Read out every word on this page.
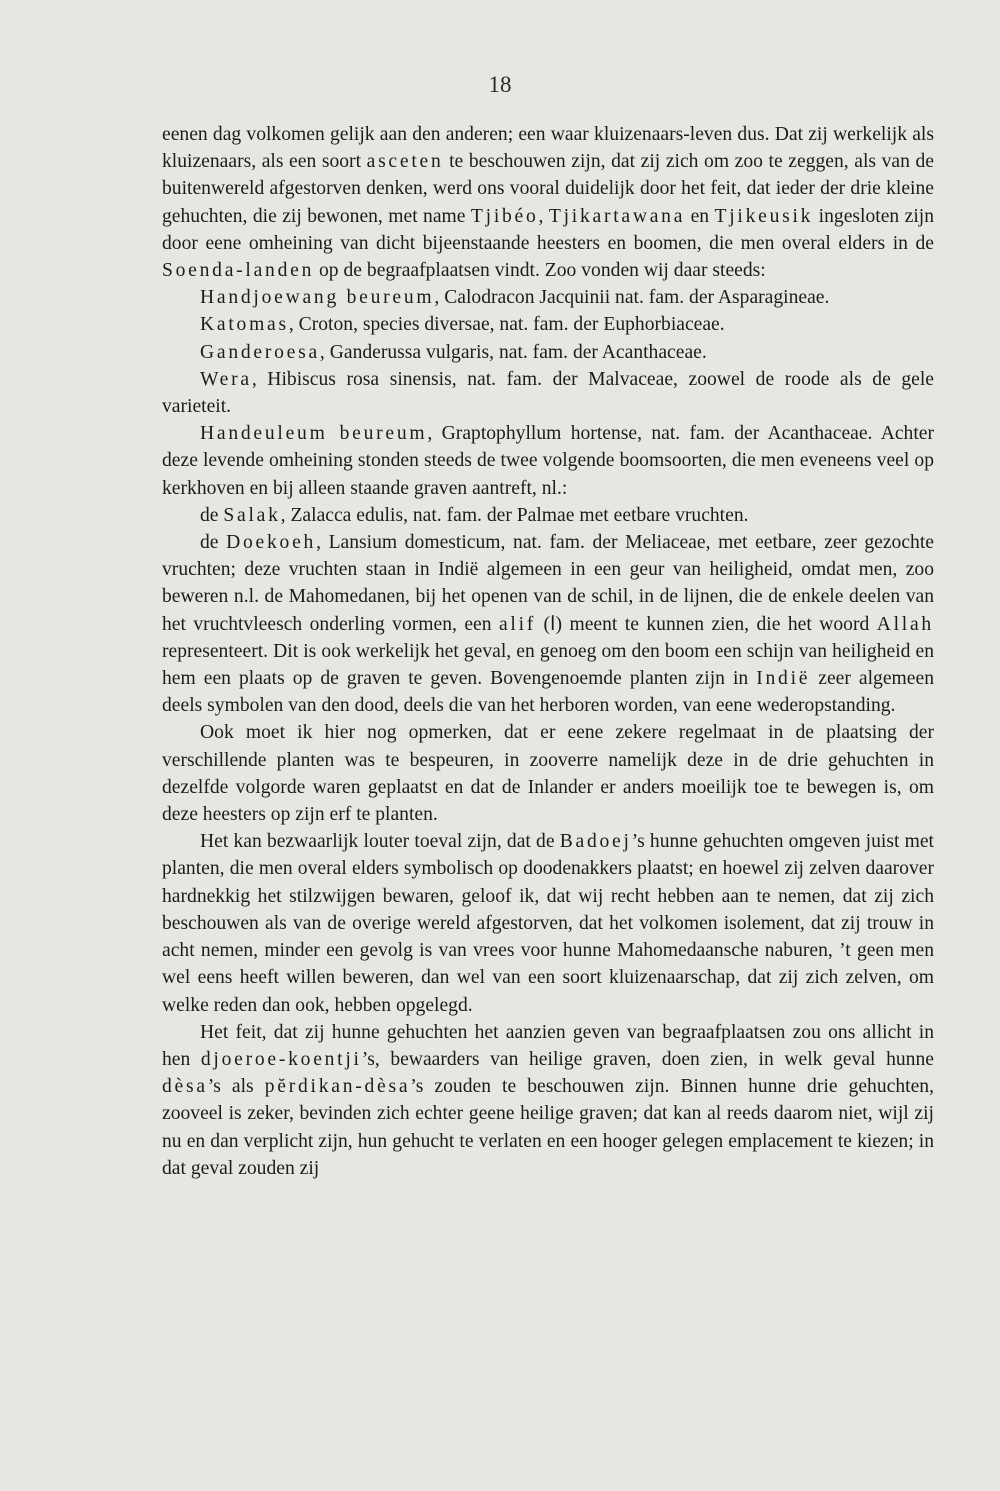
18

eenen dag volkomen gelijk aan den anderen; een waar kluizenaars-leven dus. Dat zij werkelijk als kluizenaars, als een soort asceten te beschouwen zijn, dat zij zich om zoo te zeggen, als van de buitenwereld afgestorven denken, werd ons vooral duidelijk door het feit, dat ieder der drie kleine gehuchten, die zij bewonen, met name Tjibéo, Tjikartawana en Tjikeusik ingesloten zijn door eene omheining van dicht bijeenstaande heesters en boomen, die men overal elders in de Soenda-landen op de begraafplaatsen vindt. Zoo vonden wij daar steeds:

Handjoewang beureum, Calodracon Jacquinii nat. fam. der Asparagineae.

Katomas, Croton, species diversae, nat. fam. der Euphorbiaceae.

Ganderoesa, Ganderussa vulgaris, nat. fam. der Acanthaceae.

Wera, Hibiscus rosa sinensis, nat. fam. der Malvaceae, zoowel de roode als de gele varieteit.

Handeuleum beureum, Graptophyllum hortense, nat. fam. der Acanthaceae. Achter deze levende omheining stonden steeds de twee volgende boomsoorten, die men eveneens veel op kerkhoven en bij alleen staande graven aantreft, nl.:

de Salak, Zalacca edulis, nat. fam. der Palmae met eetbare vruchten.

de Doekoeh, Lansium domesticum, nat. fam. der Meliaceae, met eetbare, zeer gezochte vruchten; deze vruchten staan in Indië algemeen in een geur van heiligheid, omdat men, zoo beweren n.l. de Mahomedanen, bij het openen van de schil, in de lijnen, die de enkele deelen van het vruchtvleesch onderling vormen, een alif (ا) meent te kunnen zien, die het woord Allah representeert. Dit is ook werkelijk het geval, en genoeg om den boom een schijn van heiligheid en hem een plaats op de graven te geven. Bovengenoemde planten zijn in Indië zeer algemeen deels symbolen van den dood, deels die van het herboren worden, van eene wederopstanding.

Ook moet ik hier nog opmerken, dat er eene zekere regelmaat in de plaatsing der verschillende planten was te bespeuren, in zooverre namelijk deze in de drie gehuchten in dezelfde volgorde waren geplaatst en dat de Inlander er anders moeilijk toe te bewegen is, om deze heesters op zijn erf te planten.

Het kan bezwaarlijk louter toeval zijn, dat de Badoej’s hunne gehuchten omgeven juist met planten, die men overal elders symbolisch op doodenakkers plaatst; en hoewel zij zelven daarover hardnekkig het stilzwijgen bewaren, geloof ik, dat wij recht hebben aan te nemen, dat zij zich beschouwen als van de overige wereld afgestorven, dat het volkomen isolement, dat zij trouw in acht nemen, minder een gevolg is van vrees voor hunne Mahomedaansche naburen, ’t geen men wel eens heeft willen beweren, dan wel van een soort kluizenaarschap, dat zij zich zelven, om welke reden dan ook, hebben opgelegd.

Het feit, dat zij hunne gehuchten het aanzien geven van begraafplaatsen zou ons allicht in hen djoeroe-koentji’s, bewaarders van heilige graven, doen zien, in welk geval hunne dèsa’s als pĕrdikan-dèsa’s zouden te beschouwen zijn. Binnen hunne drie gehuchten, zooveel is zeker, bevinden zich echter geene heilige graven; dat kan al reeds daarom niet, wijl zij nu en dan verplicht zijn, hun gehucht te verlaten en een hooger gelegen emplacement te kiezen; in dat geval zouden zij
